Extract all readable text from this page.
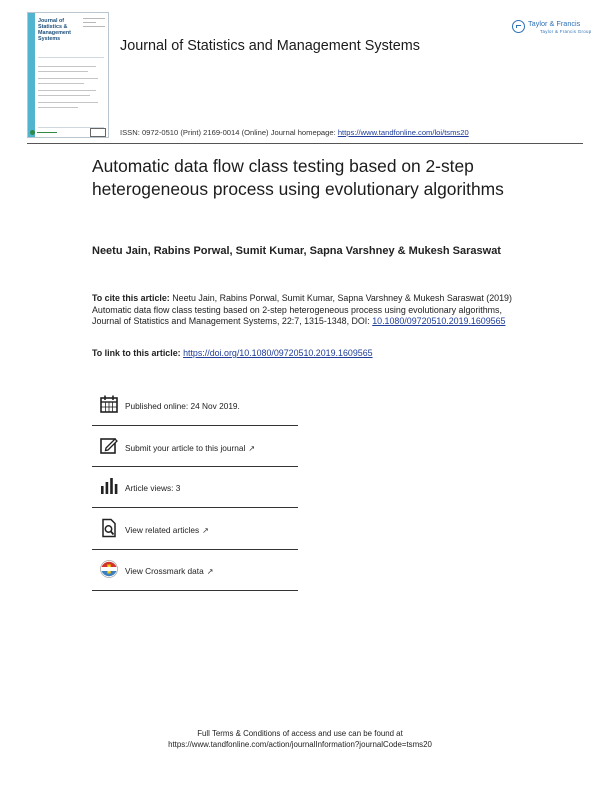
Journal of Statistics & Management Systems	Journal of Statistics and Management Systems
Taylor & Francis
Taylor & Francis Group
ISSN: 0972-0510 (Print) 2169-0014 (Online) Journal homepage: https://www.tandfonline.com/loi/tsms20
Automatic data flow class testing based on 2-step heterogeneous process using evolutionary algorithms
Neetu Jain, Rabins Porwal, Sumit Kumar, Sapna Varshney & Mukesh Saraswat
To cite this article: Neetu Jain, Rabins Porwal, Sumit Kumar, Sapna Varshney & Mukesh Saraswat (2019) Automatic data flow class testing based on 2-step heterogeneous process using evolutionary algorithms, Journal of Statistics and Management Systems, 22:7, 1315-1348, DOI: 10.1080/09720510.2019.1609565
To link to this article: https://doi.org/10.1080/09720510.2019.1609565
Published online: 24 Nov 2019.
Submit your article to this journal ↗
Article views: 3
View related articles ↗
View Crossmark data ↗
Full Terms & Conditions of access and use can be found at
https://www.tandfonline.com/action/journalInformation?journalCode=tsms20
